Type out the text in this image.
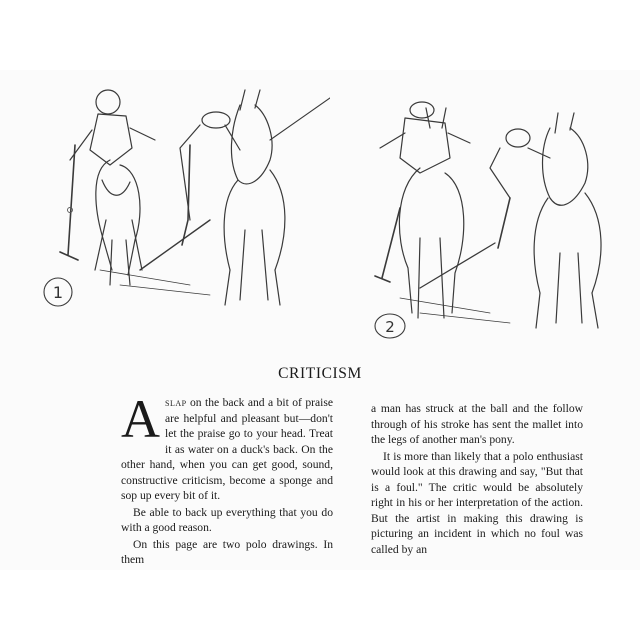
1
2
CRITICISM

Aslap on the back and a bit of praise are helpful and pleasant but—don't let the praise go to your head. Treat it as water on a duck's back. On the other hand, when you can get good, sound, constructive criticism, become a sponge and sop up every bit of it.

Be able to back up everything that you do with a good reason.

On this page are two polo drawings. In them

a man has struck at the ball and the follow through of his stroke has sent the mallet into the legs of another man's pony.

It is more than likely that a polo enthusiast would look at this drawing and say, "But that is a foul." The critic would be absolutely right in his or her interpretation of the action. But the artist in making this drawing is picturing an incident in which no foul was called by an
